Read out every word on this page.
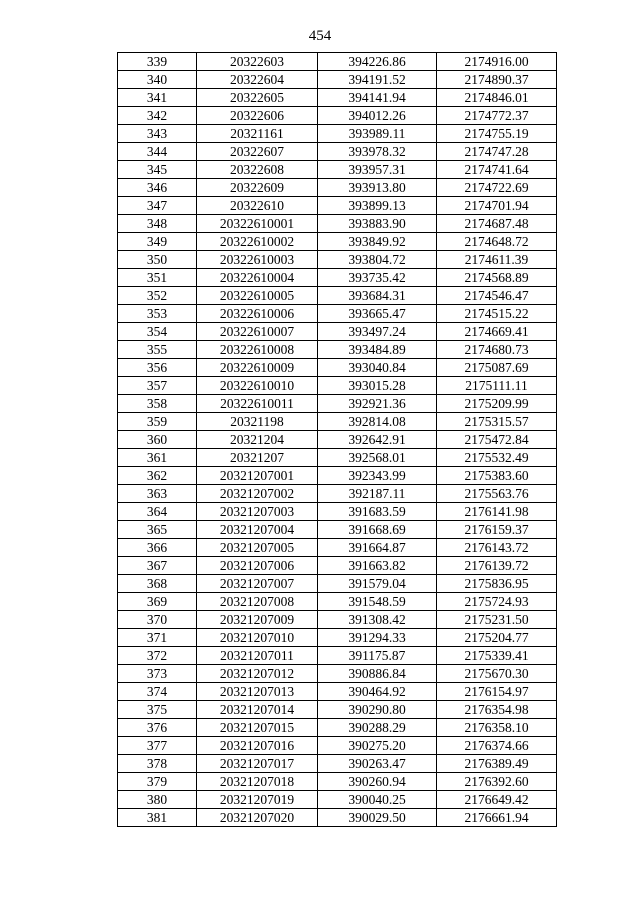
454
339	20322603	394226.86	2174916.00
340	20322604	394191.52	2174890.37
341	20322605	394141.94	2174846.01
342	20322606	394012.26	2174772.37
343	20321161	393989.11	2174755.19
344	20322607	393978.32	2174747.28
345	20322608	393957.31	2174741.64
346	20322609	393913.80	2174722.69
347	20322610	393899.13	2174701.94
348	20322610001	393883.90	2174687.48
349	20322610002	393849.92	2174648.72
350	20322610003	393804.72	2174611.39
351	20322610004	393735.42	2174568.89
352	20322610005	393684.31	2174546.47
353	20322610006	393665.47	2174515.22
354	20322610007	393497.24	2174669.41
355	20322610008	393484.89	2174680.73
356	20322610009	393040.84	2175087.69
357	20322610010	393015.28	2175111.11
358	20322610011	392921.36	2175209.99
359	20321198	392814.08	2175315.57
360	20321204	392642.91	2175472.84
361	20321207	392568.01	2175532.49
362	20321207001	392343.99	2175383.60
363	20321207002	392187.11	2175563.76
364	20321207003	391683.59	2176141.98
365	20321207004	391668.69	2176159.37
366	20321207005	391664.87	2176143.72
367	20321207006	391663.82	2176139.72
368	20321207007	391579.04	2175836.95
369	20321207008	391548.59	2175724.93
370	20321207009	391308.42	2175231.50
371	20321207010	391294.33	2175204.77
372	20321207011	391175.87	2175339.41
373	20321207012	390886.84	2175670.30
374	20321207013	390464.92	2176154.97
375	20321207014	390290.80	2176354.98
376	20321207015	390288.29	2176358.10
377	20321207016	390275.20	2176374.66
378	20321207017	390263.47	2176389.49
379	20321207018	390260.94	2176392.60
380	20321207019	390040.25	2176649.42
381	20321207020	390029.50	2176661.94
